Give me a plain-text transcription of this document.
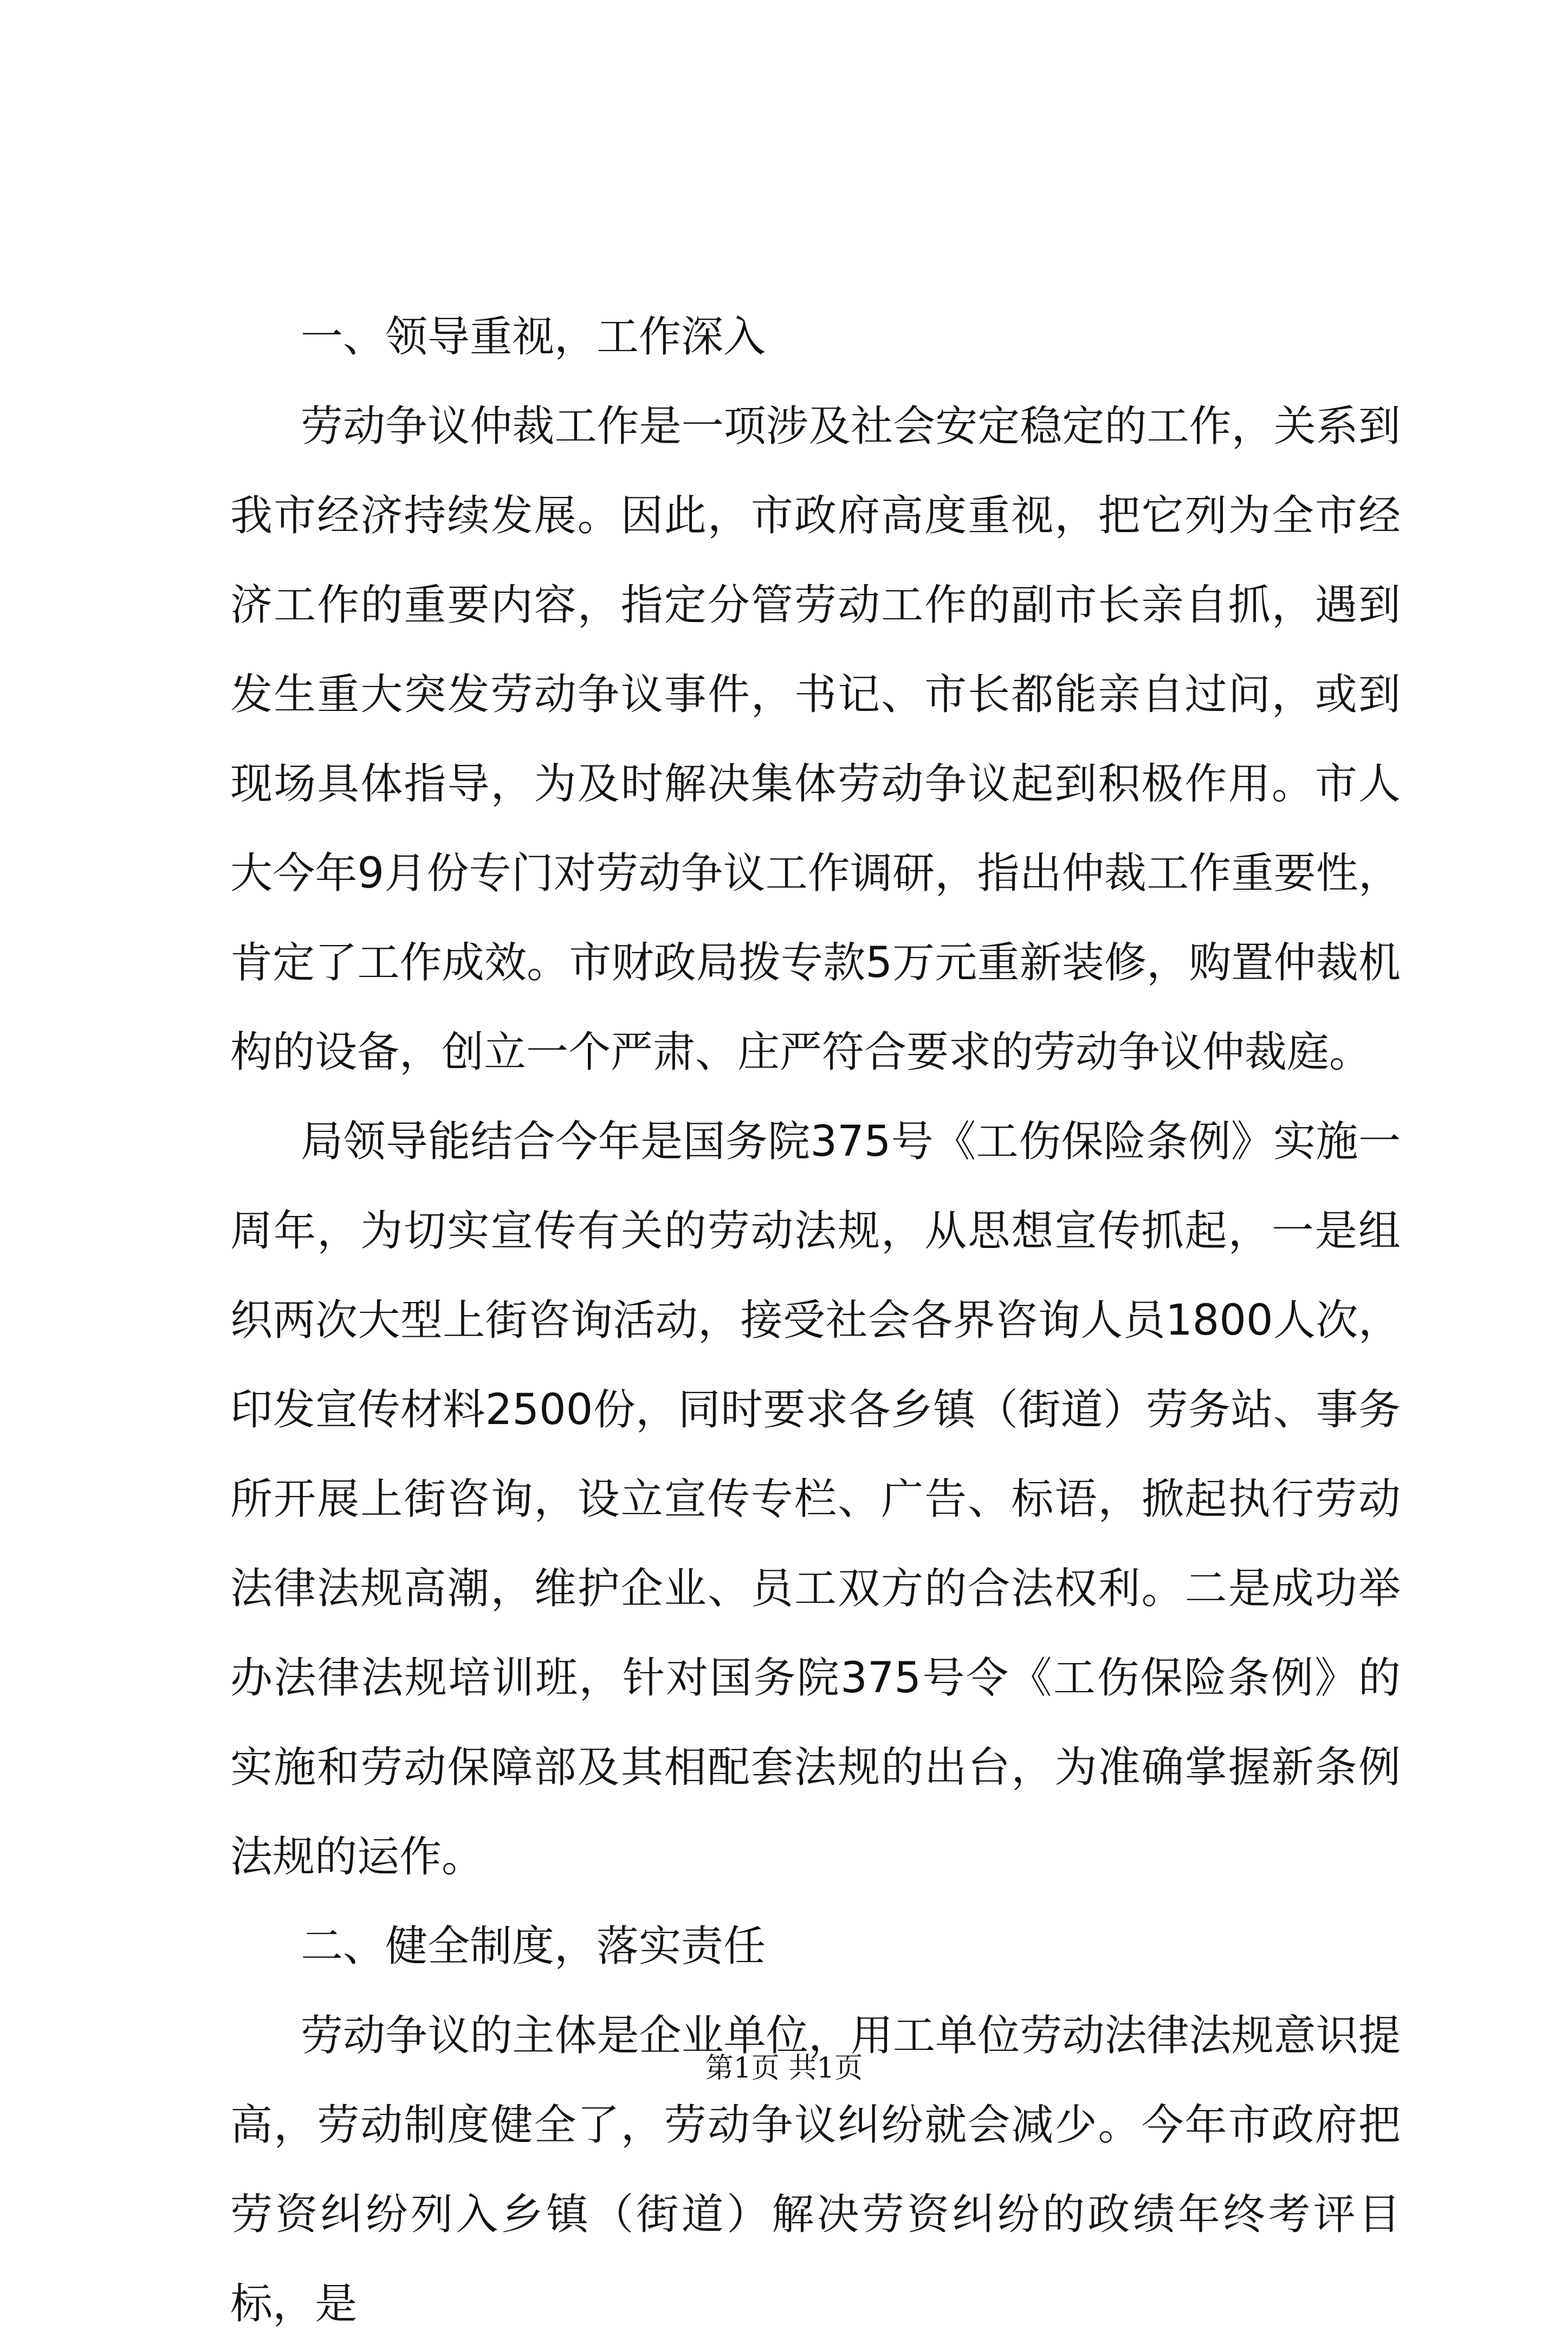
一、领导重视，工作深入

劳动争议仲裁工作是一项涉及社会安定稳定的工作，关系到我市经济持续发展。因此，市政府高度重视，把它列为全市经济工作的重要内容，指定分管劳动工作的副市长亲自抓，遇到发生重大突发劳动争议事件，书记、市长都能亲自过问，或到现场具体指导，为及时解决集体劳动争议起到积极作用。市人大今年9月份专门对劳动争议工作调研，指出仲裁工作重要性，肯定了工作成效。市财政局拨专款5万元重新装修，购置仲裁机构的设备，创立一个严肃、庄严符合要求的劳动争议仲裁庭。

局领导能结合今年是国务院375号《工伤保险条例》实施一周年，为切实宣传有关的劳动法规，从思想宣传抓起，一是组织两次大型上街咨询活动，接受社会各界咨询人员1800人次，印发宣传材料2500份，同时要求各乡镇（街道）劳务站、事务所开展上街咨询，设立宣传专栏、广告、标语，掀起执行劳动法律法规高潮，维护企业、员工双方的合法权利。二是成功举办法律法规培训班，针对国务院375号令《工伤保险条例》的实施和劳动保障部及其相配套法规的出台，为准确掌握新条例法规的运作。

二、健全制度，落实责任

劳动争议的主体是企业单位，用工单位劳动法律法规意识提高，劳动制度健全了，劳动争议纠纷就会减少。今年市政府把劳资纠纷列入乡镇（街道）解决劳资纠纷的政绩年终考评目标，是

第1页 共1页
